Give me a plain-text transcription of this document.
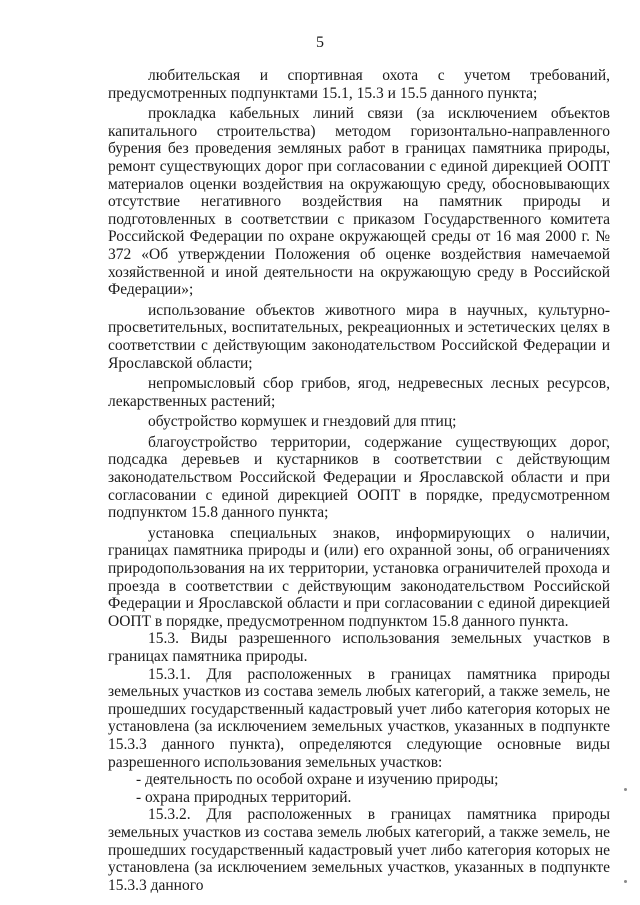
5

любительская и спортивная охота с учетом требований, предусмотренных подпунктами 15.1, 15.3 и 15.5 данного пункта;

прокладка кабельных линий связи (за исключением объектов капитального строительства) методом горизонтально-направленного бурения без проведения земляных работ в границах памятника природы, ремонт существующих дорог при согласовании с единой дирекцией ООПТ материалов оценки воздействия на окружающую среду, обосновывающих отсутствие негативного воздействия на памятник природы и подготовленных в соответствии с приказом Государственного комитета Российской Федерации по охране окружающей среды от 16 мая 2000 г. № 372 «Об утверждении Положения об оценке воздействия намечаемой хозяйственной и иной деятельности на окружающую среду в Российской Федерации»;

использование объектов животного мира в научных, культурно-просветительных, воспитательных, рекреационных и эстетических целях в соответствии с действующим законодательством Российской Федерации и Ярославской области;

непромысловый сбор грибов, ягод, недревесных лесных ресурсов, лекарственных растений;

обустройство кормушек и гнездовий для птиц;

благоустройство территории, содержание существующих дорог, подсадка деревьев и кустарников в соответствии с действующим законодательством Российской Федерации и Ярославской области и при согласовании с единой дирекцией ООПТ в порядке, предусмотренном подпунктом 15.8 данного пункта;

установка специальных знаков, информирующих о наличии, границах памятника природы и (или) его охранной зоны, об ограничениях природопользования на их территории, установка ограничителей прохода и проезда в соответствии с действующим законодательством Российской Федерации и Ярославской области и при согласовании с единой дирекцией ООПТ в порядке, предусмотренном подпунктом 15.8 данного пункта.

15.3. Виды разрешенного использования земельных участков в границах памятника природы.

15.3.1. Для расположенных в границах памятника природы земельных участков из состава земель любых категорий, а также земель, не прошедших государственный кадастровый учет либо категория которых не установлена (за исключением земельных участков, указанных в подпункте 15.3.3 данного пункта), определяются следующие основные виды разрешенного использования земельных участков:

- деятельность по особой охране и изучению природы;

- охрана природных территорий.

15.3.2. Для расположенных в границах памятника природы земельных участков из состава земель любых категорий, а также земель, не прошедших государственный кадастровый учет либо категория которых не установлена (за исключением земельных участков, указанных в подпункте 15.3.3 данного
